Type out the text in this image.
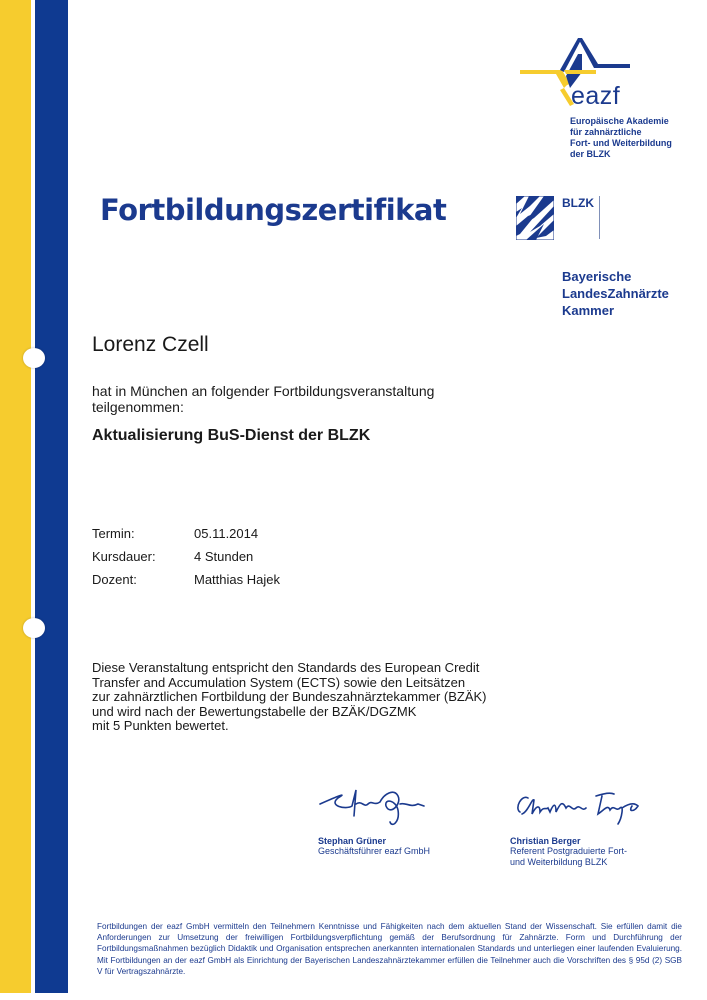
eazf
Europäische Akademie
für zahnärztliche
Fort- und Weiterbildung
der BLZK
Fortbildungszertifikat	BLZK
Bayerische
LandesZahnärzte
Kammer
Lorenz Czell
hat in München an folgender Fortbildungsveranstaltung
teilgenommen:
Aktualisierung BuS-Dienst der BLZK
Termin:	05.11.2014
Kursdauer:	4 Stunden
Dozent:	Matthias Hajek
Diese Veranstaltung entspricht den Standards des European Credit
Transfer and Accumulation System (ECTS) sowie den Leitsätzen
zur zahnärztlichen Fortbildung der Bundeszahnärztekammer (BZÄK)
und wird nach der Bewertungstabelle der BZÄK/DGZMK
mit 5 Punkten bewertet.
Stephan Grüner
Geschäftsführer eazf GmbH
Christian Berger
Referent Postgraduierte Fort-
und Weiterbildung BLZK
Fortbildungen der eazf GmbH vermitteln den Teilnehmern Kenntnisse und Fähigkeiten nach dem aktuellen Stand der Wissenschaft. Sie erfüllen damit die Anforderungen zur Umsetzung der freiwilligen Fortbildungsverpflichtung gemäß der Berufsordnung für Zahnärzte. Form und Durchführung der Fortbildungsmaßnahmen bezüglich Didaktik und Organisation entsprechen anerkannten internationalen Standards und unterliegen einer laufenden Evaluierung. Mit Fortbildungen an der eazf GmbH als Einrichtung der Bayerischen Landeszahnärztekammer erfüllen die Teilnehmer auch die Vorschriften des § 95d (2) SGB V für Vertragszahnärzte.
